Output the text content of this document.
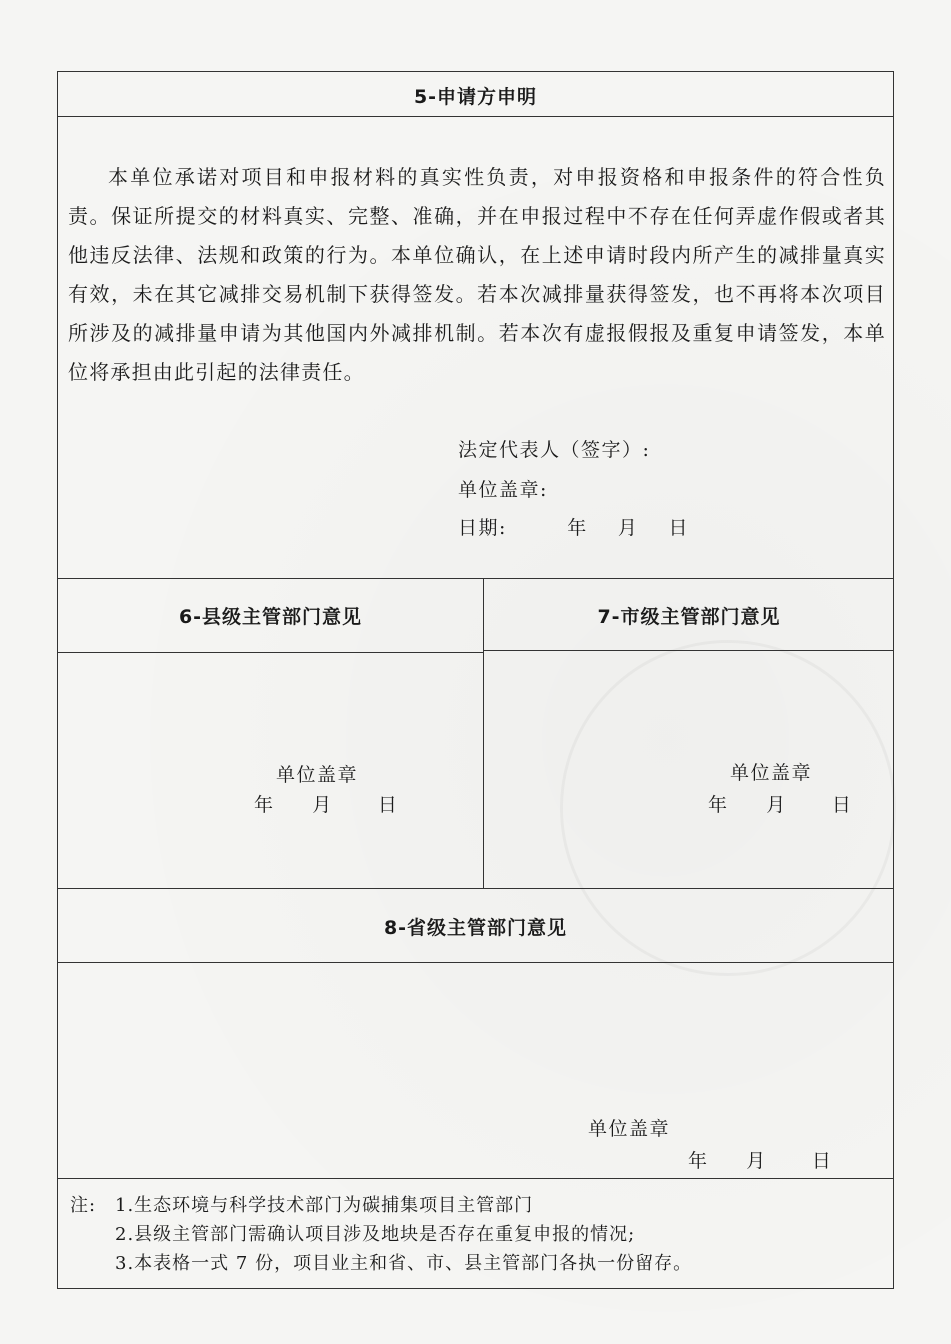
5-申请方申明
本单位承诺对项目和申报材料的真实性负责，对申报资格和申报条件的符合性负责。保证所提交的材料真实、完整、准确，并在申报过程中不存在任何弄虚作假或者其他违反法律、法规和政策的行为。本单位确认，在上述申请时段内所产生的减排量真实有效，未在其它减排交易机制下获得签发。若本次减排量获得签发，也不再将本次项目所涉及的减排量申请为其他国内外减排机制。若本次有虚报假报及重复申请签发，本单位将承担由此引起的法律责任。
法定代表人（签字）:
单位盖章:
日期:        年    月    日
6-县级主管部门意见	7-市级主管部门意见
单位盖章
年     月      日
单位盖章
年     月      日
8-省级主管部门意见
单位盖章
年     月      日
注: 1.生态环境与科学技术部门为碳捕集项目主管部门
2.县级主管部门需确认项目涉及地块是否存在重复申报的情况;
3.本表格一式 7 份，项目业主和省、市、县主管部门各执一份留存。
